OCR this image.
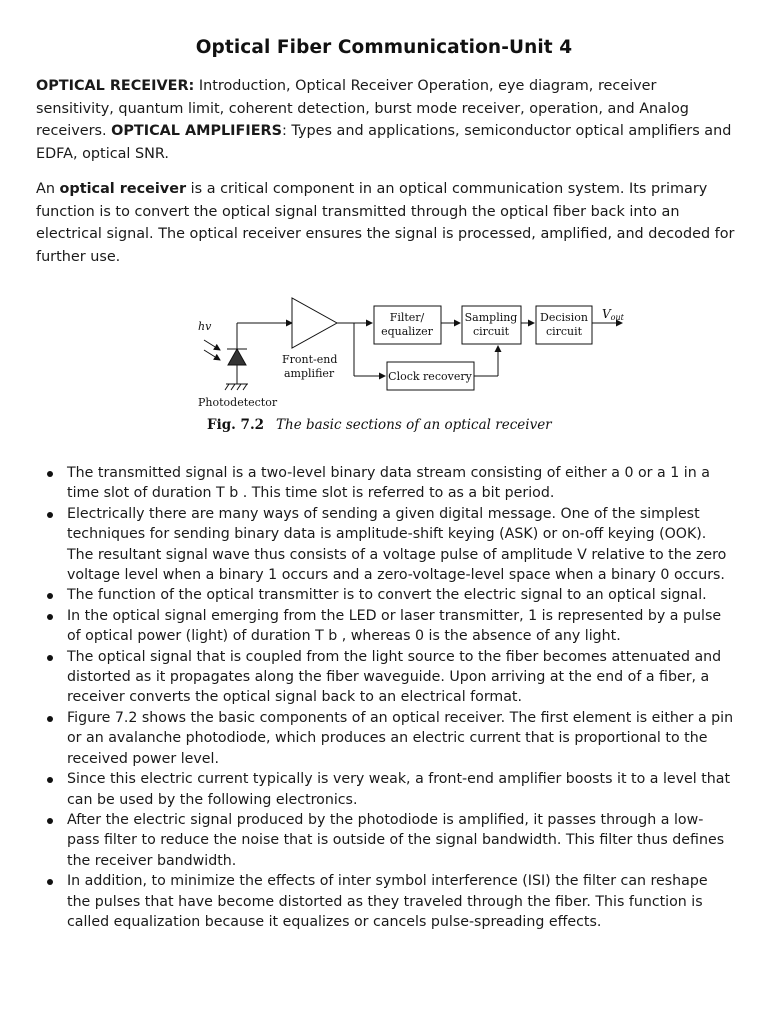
Optical Fiber Communication-Unit 4
OPTICAL RECEIVER: Introduction, Optical Receiver Operation, eye diagram, receiver sensitivity, quantum limit, coherent detection, burst mode receiver, operation, and Analog receivers. OPTICAL AMPLIFIERS: Types and applications, semiconductor optical amplifiers and EDFA, optical SNR.
An optical receiver is a critical component in an optical communication system. Its primary function is to convert the optical signal transmitted through the optical fiber back into an electrical signal. The optical receiver ensures the signal is processed, amplified, and decoded for further use.
hv
Photodetector
Front-end
amplifier
Filter/
equalizer
Sampling
circuit
Decision
circuit
Clock recovery
Vout
Fig. 7.2 The basic sections of an optical receiver
The transmitted signal is a two-level binary data stream consisting of either a 0 or a 1 in a time slot of duration T b . This time slot is referred to as a bit period.
Electrically there are many ways of sending a given digital message. One of the simplest techniques for sending binary data is amplitude-shift keying (ASK) or on-off keying (OOK). The resultant signal wave thus consists of a voltage pulse of amplitude V relative to the zero voltage level when a binary 1 occurs and a zero-voltage-level space when a binary 0 occurs.
The function of the optical transmitter is to convert the electric signal to an optical signal.
In the optical signal emerging from the LED or laser transmitter, 1 is represented by a pulse of optical power (light) of duration T b , whereas 0 is the absence of any light.
The optical signal that is coupled from the light source to the fiber becomes attenuated and distorted as it propagates along the fiber waveguide. Upon arriving at the end of a fiber, a receiver converts the optical signal back to an electrical format.
Figure 7.2 shows the basic components of an optical receiver. The first element is either a pin or an avalanche photodiode, which produces an electric current that is proportional to the received power level.
Since this electric current typically is very weak, a front-end amplifier boosts it to a level that can be used by the following electronics.
After the electric signal produced by the photodiode is amplified, it passes through a low-pass filter to reduce the noise that is outside of the signal bandwidth. This filter thus defines the receiver bandwidth.
In addition, to minimize the effects of inter symbol interference (ISI) the filter can reshape the pulses that have become distorted as they traveled through the fiber. This function is called equalization because it equalizes or cancels pulse-spreading effects.
